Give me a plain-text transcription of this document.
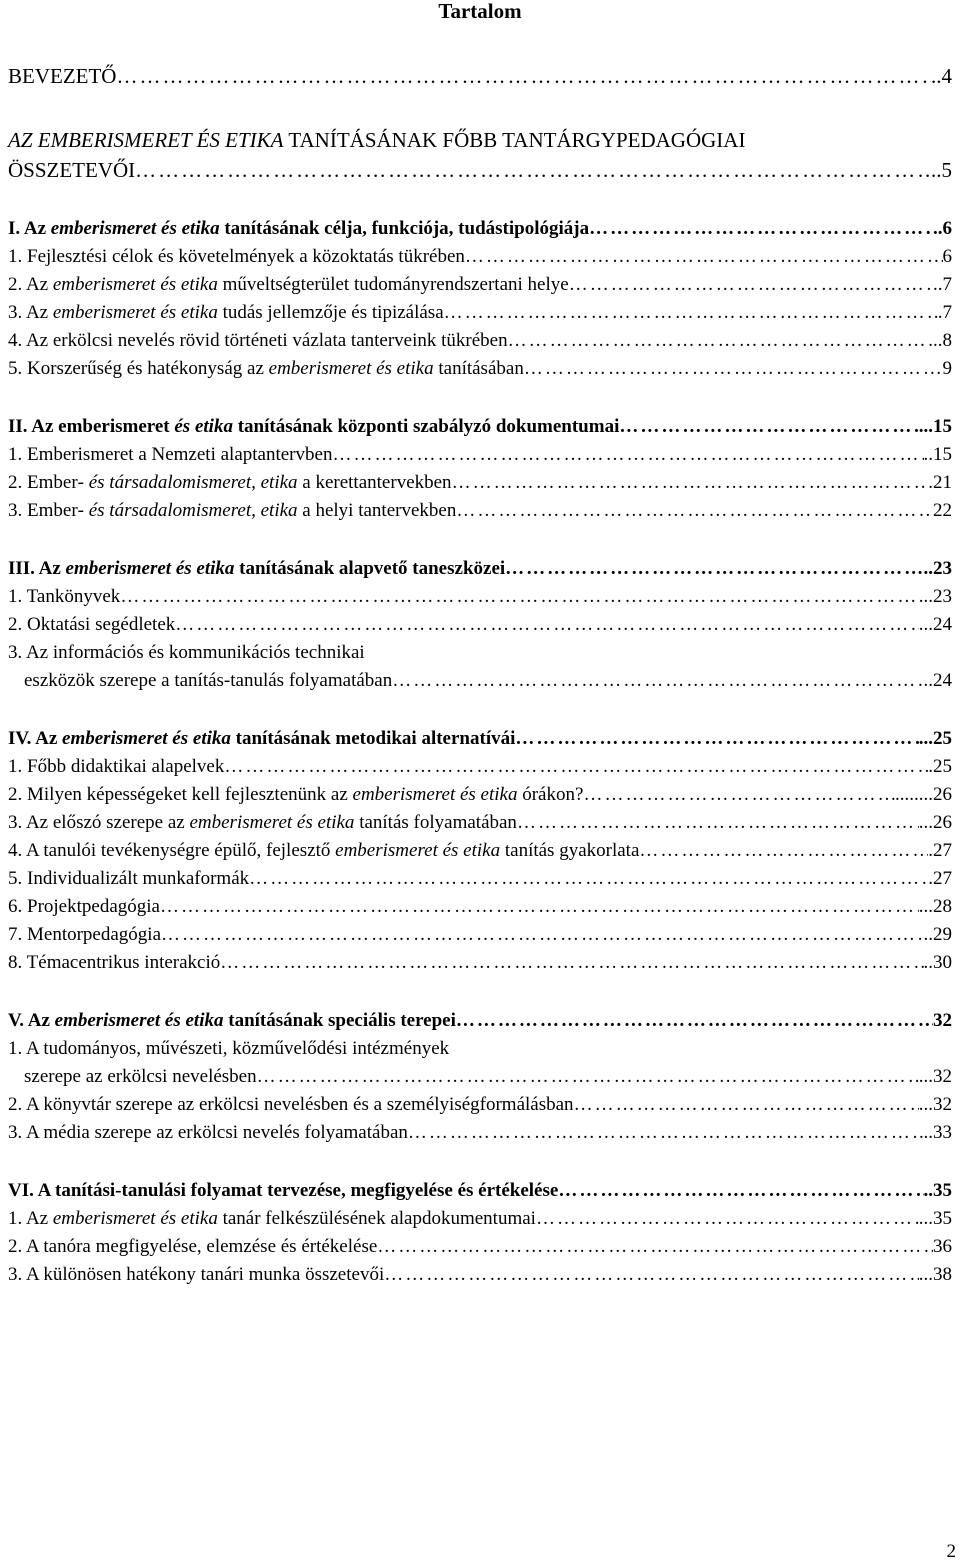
Tartalom
BEVEZETŐ …………………………………………………………………………………………………………………………………………………………………………………………	..4
AZ EMBERISMERET ÉS ETIKA TANÍTÁSÁNAK FŐBB TANTÁRGYPEDAGÓGIAI
ÖSSZETEVŐI …………………………………………………………………………………………………………………………………………………………………………………………	..5
I. Az emberismeret és etika tanításának célja, funkciója, tudástipológiája …………………………………………………………………………………………………………………………………………………………………………………………	..6
1. Fejlesztési célok és követelmények a közoktatás tükrében …………………………………………………………………………………………………………………………………………………………………………………………	6
2. Az emberismeret és etika műveltségterület tudományrendszertani helye …………………………………………………………………………………………………………………………………………………………………………………………	..7
3. Az emberismeret és etika tudás jellemzője és tipizálása …………………………………………………………………………………………………………………………………………………………………………………………	.7
4. Az erkölcsi nevelés rövid történeti vázlata tanterveink tükrében …………………………………………………………………………………………………………………………………………………………………………………………	...8
5. Korszerűség és hatékonyság az emberismeret és etika tanításában …………………………………………………………………………………………………………………………………………………………………………………………	9
II. Az emberismeret és etika tanításának központi szabályzó dokumentumai …………………………………………………………………………………………………………………………………………………………………………………………	...15
1. Emberismeret a Nemzeti alaptantervben …………………………………………………………………………………………………………………………………………………………………………………………	..15
2. Ember- és társadalomismeret, etika a kerettantervekben …………………………………………………………………………………………………………………………………………………………………………………………	.21
3. Ember- és társadalomismeret, etika a helyi tantervekben …………………………………………………………………………………………………………………………………………………………………………………………	22
III. Az emberismeret és etika tanításának alapvető taneszközei …………………………………………………………………………………………………………………………………………………………………………………………	..23
1. Tankönyvek …………………………………………………………………………………………………………………………………………………………………………………………	...23
2. Oktatási segédletek …………………………………………………………………………………………………………………………………………………………………………………………	...24
3. Az információs és kommunikációs technikai
eszközök szerepe a tanítás-tanulás folyamatában …………………………………………………………………………………………………………………………………………………………………………………………	..24
IV. Az emberismeret és etika tanításának metodikai alternatívái …………………………………………………………………………………………………………………………………………………………………………………………	...25
1. Főbb didaktikai alapelvek …………………………………………………………………………………………………………………………………………………………………………………………	.25
2. Milyen képességeket kell fejlesztenünk az emberismeret és etika órákon? …………………………………………………………………………………………………………………………………………………………………………………………	........26
3. Az előszó szerepe az emberismeret és etika tanítás folyamatában …………………………………………………………………………………………………………………………………………………………………………………………	...26
4. A tanulói tevékenységre épülő, fejlesztő emberismeret és etika tanítás gyakorlata …………………………………………………………………………………………………………………………………………………………………………………………	.27
5. Individualizált munkaformák …………………………………………………………………………………………………………………………………………………………………………………………	27
6. Projektpedagógia …………………………………………………………………………………………………………………………………………………………………………………………	...28
7. Mentorpedagógia …………………………………………………………………………………………………………………………………………………………………………………………	..29
8. Témacentrikus interakció …………………………………………………………………………………………………………………………………………………………………………………………	..30
V. Az emberismeret és etika tanításának speciális terepei …………………………………………………………………………………………………………………………………………………………………………………………	32
1. A tudományos, művészeti, közművelődési intézmények
szerepe az erkölcsi nevelésben …………………………………………………………………………………………………………………………………………………………………………………………	...32
2. A könyvtár szerepe az erkölcsi nevelésben és a személyiségformálásban …………………………………………………………………………………………………………………………………………………………………………………………	...32
3. A média szerepe az erkölcsi nevelés folyamatában …………………………………………………………………………………………………………………………………………………………………………………………	..33
VI. A tanítási-tanulási folyamat tervezése, megfigyelése és értékelése …………………………………………………………………………………………………………………………………………………………………………………………	..35
1. Az emberismeret és etika tanár felkészülésének alapdokumentumai …………………………………………………………………………………………………………………………………………………………………………………………	...35
2. A tanóra megfigyelése, elemzése és értékelése …………………………………………………………………………………………………………………………………………………………………………………………	36
3. A különösen hatékony tanári munka összetevői …………………………………………………………………………………………………………………………………………………………………………………………	...38
2
